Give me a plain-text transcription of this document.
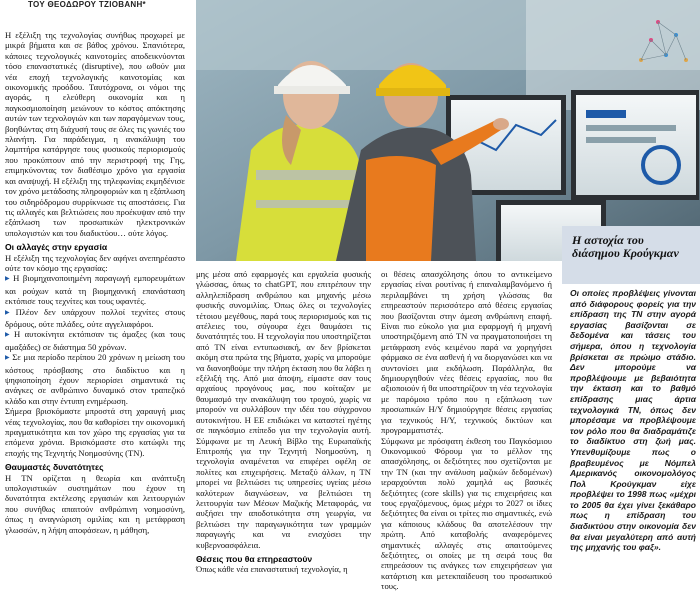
ΤΟΥ ΘΕΟΔΩΡΟΥ ΤΖΙΟΒΑΝΗ*

Η εξέλιξη της τεχνολογίας συνήθως προχωρεί με μικρά βήματα και σε βάθος χρόνου. Σπανιότερα, κάποιες τεχνολογικές καινοτομίες αποδεικνύονται τόσο επαναστατικές (disruptive), που ωθούν μια νέα εποχή τεχνολογικής καινοτομίας και οικονομικής προόδου. Ταυτόχρονα, οι νόμοι της αγοράς, η ελεύθερη οικονομία και η παγκοσμιοποίηση μειώνουν το κόστος απόκτησης αυτών των τεχνολογιών και των παραγόμενων τους, βοηθώντας στη διάχυσή τους σε όλες τις γωνιές του πλανήτη. Για παράδειγμα, η ανακάλυψη του λαμπτήρα κατάργησε τους φυσικούς περιορισμούς που προκύπτουν από την περιστροφή της Γης, επιμηκύνοντας τον διαθέσιμο χρόνο για εργασία και αναψυχή. Η εξέλιξη της τηλεφωνίας εκμηδένισε τον χρόνο μετάδοσης πληροφοριών και η εξάπλωση του σιδηρόδρομου συρρίκνωσε τις αποστάσεις. Για τις αλλαγές και βελτιώσεις που προέκυψαν από την εξάπλωση των προσωπικών ηλεκτρονικών υπολογιστών και του διαδικτύου… ούτε λόγος.

Οι αλλαγές στην εργασία

Η εξέλιξη της τεχνολογίας δεν αφήνει ανεπηρέαστο ούτε τον κόσμο της εργασίας:

▶ Η βιομηχανοποιημένη παραγωγή εμπορευμάτων και ρούχων κατά τη βιομηχανική επανάσταση εκτόπισε τους τεχνίτες και τους υφαντές.

▶ Πλέον δεν υπάρχουν πολλοί τεχνίτες στους δρόμους, ούτε πιλάδες, ούτε αγγελιαφόροι.

▶ Η αυτοκίνητα εκτόπισαν τις άμαξες (και τους αμαξάδες) σε διάστημα 50 χρόνων.

▶ Σε μια περίοδο περίπου 20 χρόνων η μείωση του κόστους πρόσβασης στο διαδίκτυο και η ψηφιοποίηση έχουν περιορίσει σημαντικά τις ανάγκες σε ανθρώπινο δυναμικό στον τραπεζικό κλάδο και στην έντυπη ενημέρωση.

Σήμερα βρισκόμαστε μπροστά στη χαραυγή μιας νέας τεχνολογίας, που θα καθορίσει την οικονομική πραγματικότητα και τον χώρο της εργασίας για τα επόμενα χρόνια. Βρισκόμαστε στο κατώφλι της εποχής της Τεχνητής Νοημοσύνης (ΤΝ).

Θαυμαστές δυνατότητες

Η ΤΝ ορίζεται η θεωρία και ανάπτυξη υπολογιστικών συστημάτων που έχουν τη δυνατότητα εκτέλεσης εργασιών και λειτουργιών που συνήθως απαιτούν ανθρώπινη νοημοσύνη, όπως η αναγνώριση ομιλίας και η μετάφραση γλωσσών, η λήψη αποφάσεων, η μάθηση,

μης μέσα από εφαρμογές και εργαλεία φυσικής γλώσσας, όπως το chatGPT, που επιτρέπουν την αλληλεπίδραση ανθρώπου και μηχανής μέσω φυσικής συνομιλίας. Όπως όλες οι τεχνολογίες τέτοιου μεγέθους, παρά τους περιορισμούς και τις ατέλειες του, σύγουρα έχει θαυμάσει τις δυνατότητές του. Η τεχνολογία που υποστηρίζεται από ΤΝ είναι εντυπωσιακή, αν δεν βρίσκεται ακόμη στα πρώτα της βήματα, χωρίς να μπορούμε να διανοηθούμε την πλήρη έκταση που θα λάβει η εξέλιξή της. Από μια άποψη, είμαστε σαν τους αρχαίους προγόνους μας, που κοίταζαν με θαυμασμό την ανακάλυψη του τροχού, χωρίς να μπορούν να συλλάβουν την ιδέα του σύγχρονου αυτοκινήτου. Η ΕΕ επιδιώκει να καταστεί ηγέτης σε παγκόσμιο επίπεδο για την τεχνολογία αυτή. Σύμφωνα με τη Λευκή Βίβλο της Ευρωπαϊκής Επιτροπής για την Τεχνητή Νοημοσύνη, η τεχνολογία αναμένεται να επιφέρει οφέλη σε πολίτες και επιχειρήσεις. Μεταξύ άλλων, η ΤΝ μπορεί να βελτιώσει τις υπηρεσίες υγείας μέσω καλύτερων διαγνώσεων, να βελτιώσει τη λειτουργία των Μέσων Μαζικής Μεταφοράς, να αυξήσει την αποδοτικότητα στη γεωργία, να βελτιώσει την παραγωγικότητα των γραμμών παραγωγής και να ενισχύσει την κυβερνοασφάλεια.

Θέσεις που θα επηρεαστούν

Όπως κάθε νέα επαναστατική τεχνολογία, η

οι θέσεις απασχόλησης όπου το αντικείμενο εργασίας είναι ρουτίνας ή επαναλαμβανόμενο ή περιλαμβάνει τη χρήση γλώσσας θα επηρεαστούν περισσότερο από θέσεις εργασίας που βασίζονται στην άμεση ανθρώπινη επαφή. Είναι πιο εύκολο για μια εφαρμογή ή μηχανή υποστηριζόμενη από ΤΝ να πραγματοποιήσει τη μετάφραση ενός κειμένου παρά να χορηγήσει φάρμακο σε ένα ασθενή ή να διοργανώσει και να συντονίσει μια εκδήλωση. Παράλληλα, θα δημιουργηθούν νέες θέσεις εργασίας, που θα αξιοποιούν ή θα υποστηρίζουν τη νέα τεχνολογία με παρόμοιο τρόπο που η εξάπλωση των προσωπικών Η/Υ δημιούργησε θέσεις εργασίας για τεχνικούς Η/Υ, τεχνικούς δικτύων και προγραμματιστές.

Σύμφωνα με πρόσφατη έκθεση του Παγκόσμιου Οικονομικού Φόρουμ για το μέλλον της απασχόλησης, οι δεξιότητες που σχετίζονται με την ΤΝ (και την ανάλυση μαζικών δεδομένων) ιεραρχούνται πολύ χαμηλά ως βασικές δεξιότητες (core skills) για τις επιχειρήσεις και τους εργαζόμενους, όμως μέχρι το 2027 οι ίδιες δεξιότητες θα είναι οι τρίτες πιο σημαντικές, ενώ για κάποιους κλάδους θα αποτελέσουν την πρώτη. Από καταβολής αναφερόμενες σημαντικές αλλαγές στις απαιτούμενες δεξιότητες, οι οποίες με τη σειρά τους θα επηρεάσουν τις ανάγκες των επιχειρήσεων για κατάρτιση και μετεκπαίδευση του προσωπικού τους.

Η αστοχία του διάσημου Κρούγκμαν
Οι οποίες προβλέψεις γίνονται από διάφορους φορείς για την επίδραση της ΤΝ στην αγορά εργασίας βασίζονται σε δεδομένα και τάσεις του σήμερα, όπου η τεχνολογία βρίσκεται σε πρώιμο στάδιο. Δεν μπορούμε να προβλέψουμε με βεβαιότητα την έκταση και το βαθμό επίδρασης μιας άρτια τεχνολογικά ΤΝ, όπως δεν μπορέσαμε να προβλέψουμε τον ρόλο που θα διαδραμάτιζε το διαδίκτυο στη ζωή μας. Υπενθυμίζουμε πως ο βραβευμένος με Νόμπελ Αμερικανός οικονομολόγος Πολ Κρούγκμαν είχε προβλέψει το 1998 πως «μέχρι το 2005 θα έχει γίνει ξεκάθαρο πως η επίδραση του διαδικτύου στην οικονομία δεν θα είναι μεγαλύτερη από αυτή της μηχανής του φαξ».
